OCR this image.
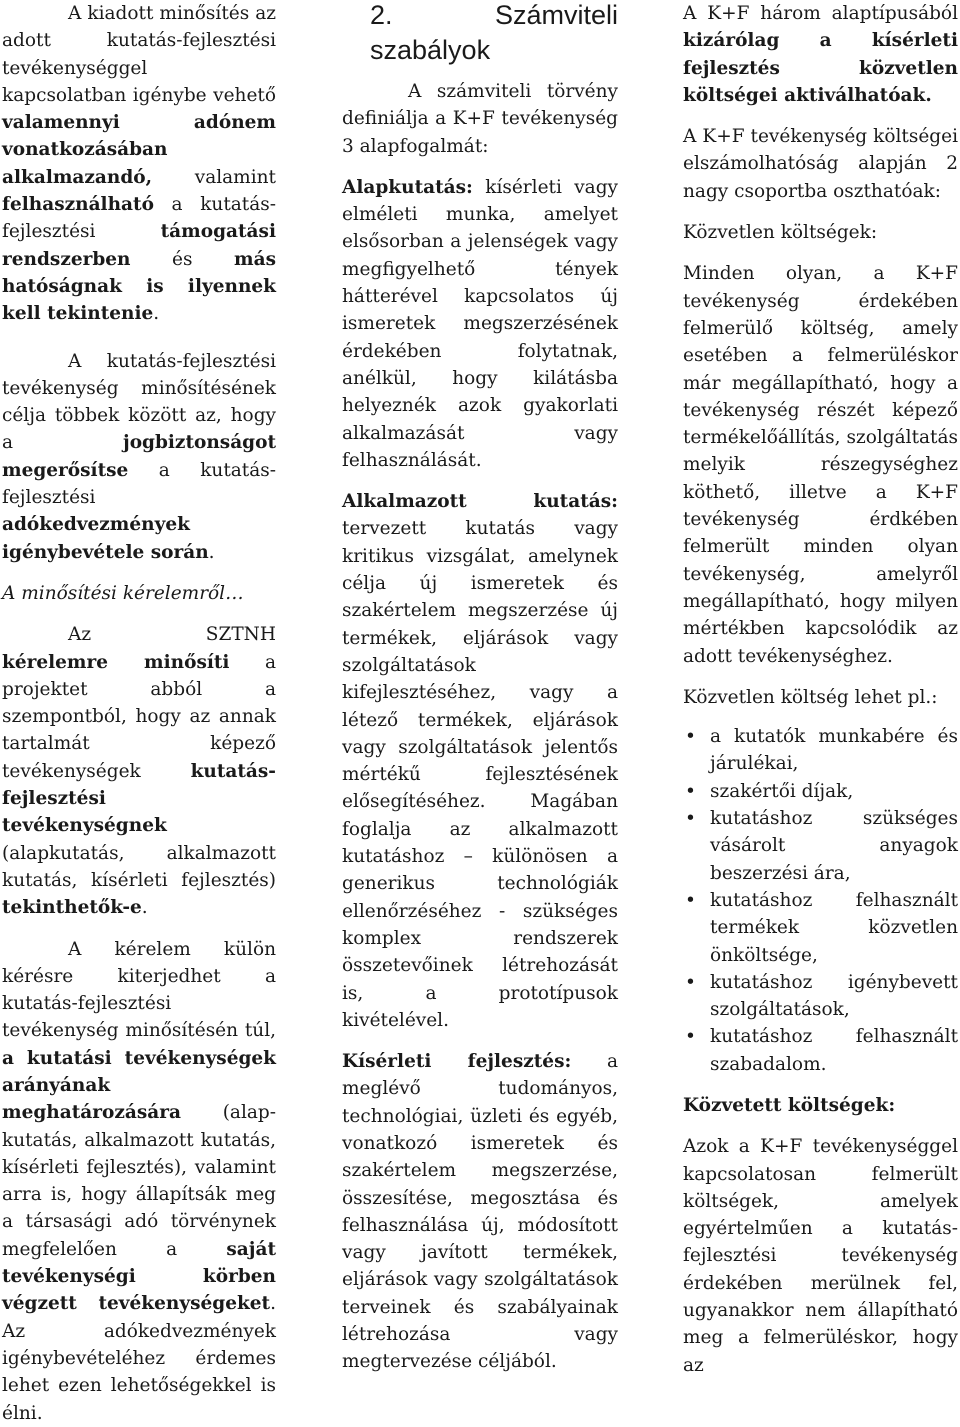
A kiadott minősítés az adott kutatás-fejlesztési tevékenységgel kapcsolatban igénybe vehető valamennyi adónem vonatkozásában alkalmazandó, valamint felhasználható a kutatás-fejlesztési támogatási rendszerben és más hatóságnak is ilyennek kell tekintenie.

A kutatás-fejlesztési tevékenység minősítésének célja többek között az, hogy a jogbiztonságot megerősítse a kutatás-fejlesztési adókedvezmények igénybevétele során.

A minősítési kérelemről…

Az SZTNH kérelemre minősíti a projektet abból a szempontból, hogy az annak tartalmát képező tevékenységek kutatás-fejlesztési tevékenységnek (alapkutatás, alkalmazott kutatás, kísérleti fejlesztés) tekinthetők-e.

A kérelem külön kérésre kiterjedhet a kutatás-fejlesztési tevékenység minősítésén túl, a kutatási tevékenységek arányának meghatározására (alap-kutatás, alkalmazott kutatás, kísérleti fejlesztés), valamint arra is, hogy állapítsák meg a társasági adó törvénynek megfelelően a saját tevékenységi körben végzett tevékenységeket. Az adókedvezmények igénybevételéhez érdemes lehet ezen lehetőségekkel is élni.

2. Számviteli szabályok

A számviteli törvény definiálja a K+F tevékenység 3 alapfogalmát:

Alapkutatás: kísérleti vagy elméleti munka, amelyet elsősorban a jelenségek vagy megfigyelhető tények hátterével kapcsolatos új ismeretek megszerzésének érdekében folytatnak, anélkül, hogy kilátásba helyeznék azok gyakorlati alkalmazását vagy felhasználását.

Alkalmazott kutatás: tervezett kutatás vagy kritikus vizsgálat, amelynek célja új ismeretek és szakértelem megszerzése új termékek, eljárások vagy szolgáltatások kifejlesztéséhez, vagy a létező termékek, eljárások vagy szolgáltatások jelentős mértékű fejlesztésének elősegítéséhez. Magában foglalja az alkalmazott kutatáshoz – különösen a generikus technológiák ellenőrzéséhez - szükséges komplex rendszerek összetevőinek létrehozását is, a prototípusok kivételével.

Kísérleti fejlesztés: a meglévő tudományos, technológiai, üzleti és egyéb, vonatkozó ismeretek és szakértelem megszerzése, összesítése, megosztása és felhasználása új, módosított vagy javított termékek, eljárások vagy szolgáltatások terveinek és szabályainak létrehozása vagy megtervezése céljából.

A K+F három alaptípusából kizárólag a kísérleti fejlesztés közvetlen költségei aktiválhatóak.

A K+F tevékenység költségei elszámolhatóság alapján 2 nagy csoportba oszthatóak:

Közvetlen költségek:

Minden olyan, a K+F tevékenység érdekében felmerülő költség, amely esetében a felmerüléskor már megállapítható, hogy a tevékenység részét képező termékelőállítás, szolgáltatás melyik részegységhez köthető, illetve a K+F tevékenység érdkében felmerült minden olyan tevékenység, amelyről megállapítható, hogy milyen mértékben kapcsolódik az adott tevékenységhez.

Közvetlen költség lehet pl.:

• a kutatók munkabére és járulékai,
• szakértői díjak,
• kutatáshoz szükséges vásárolt anyagok beszerzési ára,
• kutatáshoz felhasznált termékek közvetlen önköltsége,
• kutatáshoz igénybevett szolgáltatások,
• kutatáshoz felhasznált szabadalom.

Közvetett költségek:

Azok a K+F tevékenységgel kapcsolatosan felmerült költségek, amelyek egyértelműen a kutatás-fejlesztési tevékenység érdekében merülnek fel, ugyanakkor nem állapítható meg a felmerüléskor, hogy az
